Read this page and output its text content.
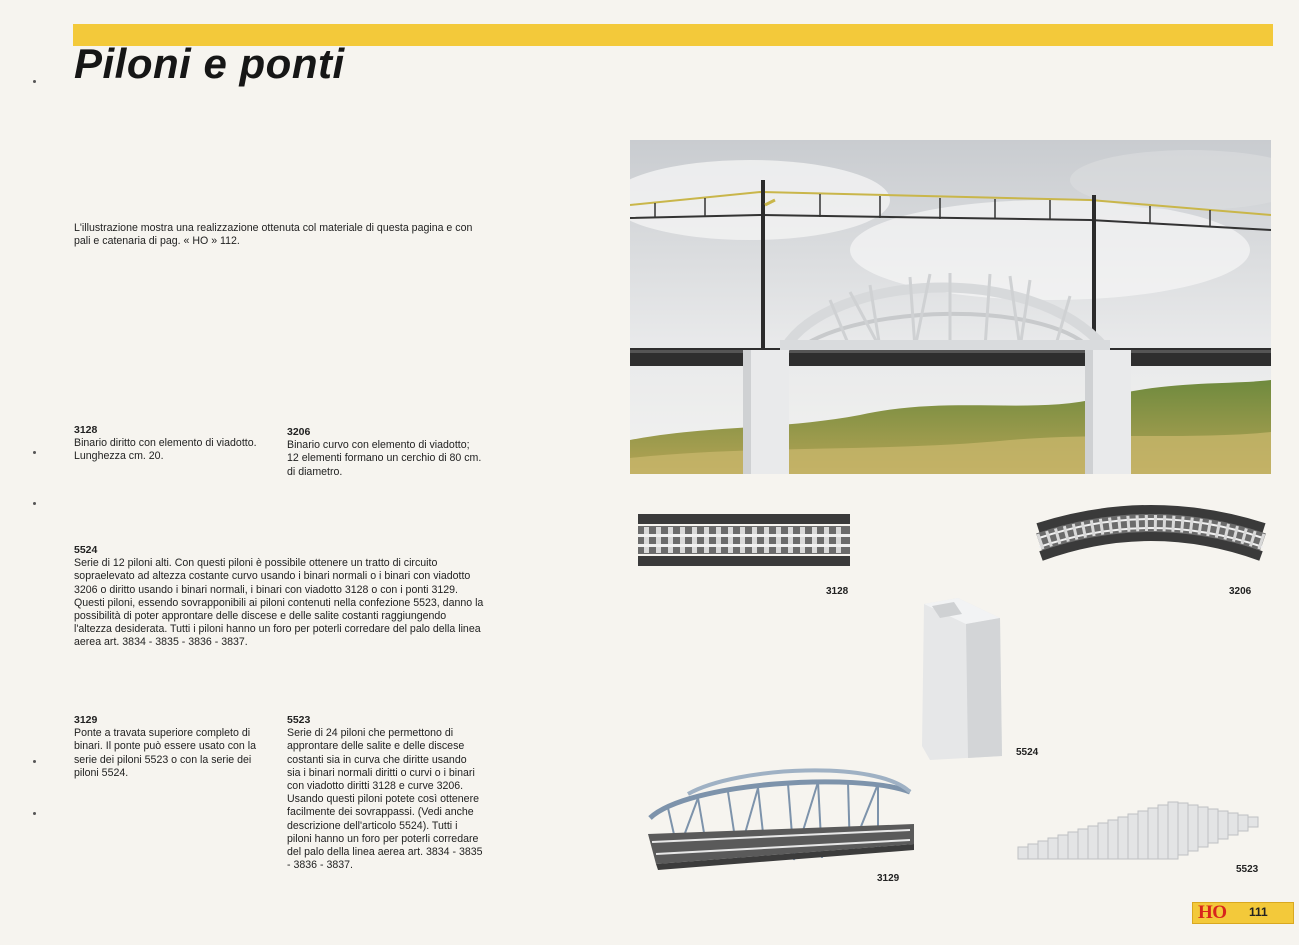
Piloni e ponti
L'illustrazione mostra una realizzazione ottenuta col materiale di questa pagina e con pali e catenaria di pag. « HO » 112.
3128
Binario diritto con elemento di viadotto. Lunghezza cm. 20.
3206
Binario curvo con elemento di viadotto; 12 elementi formano un cerchio di 80 cm. di diametro.
5524
Serie di 12 piloni alti. Con questi piloni è possibile ottenere un tratto di circuito sopraelevato ad altezza costante curvo usando i binari normali o i binari con viadotto 3206 o diritto usando i binari normali, i binari con viadotto 3128 o con i ponti 3129. Questi piloni, essendo sovrapponibili ai piloni contenuti nella confezione 5523, danno la possibilità di poter approntare delle discese e delle salite costanti raggiungendo l'altezza desiderata. Tutti i piloni hanno un foro per poterli corredare del palo della linea aerea art. 3834 - 3835 - 3836 - 3837.
3129
Ponte a travata superiore completo di binari. Il ponte può essere usato con la serie dei piloni 5523 o con la serie dei piloni 5524.
5523
Serie di 24 piloni che permettono di approntare delle salite e delle discese costanti sia in curva che diritte usando sia i binari normali diritti o curvi o i binari con viadotto diritti 3128 e curve 3206. Usando questi piloni potete così ottenere facilmente dei sovrappassi. (Vedi anche descrizione dell'articolo 5524). Tutti i piloni hanno un foro per poterli corredare del palo della linea aerea art. 3834 - 3835 - 3836 - 3837.
3128	3206
5524
3129
5523
HO 111
